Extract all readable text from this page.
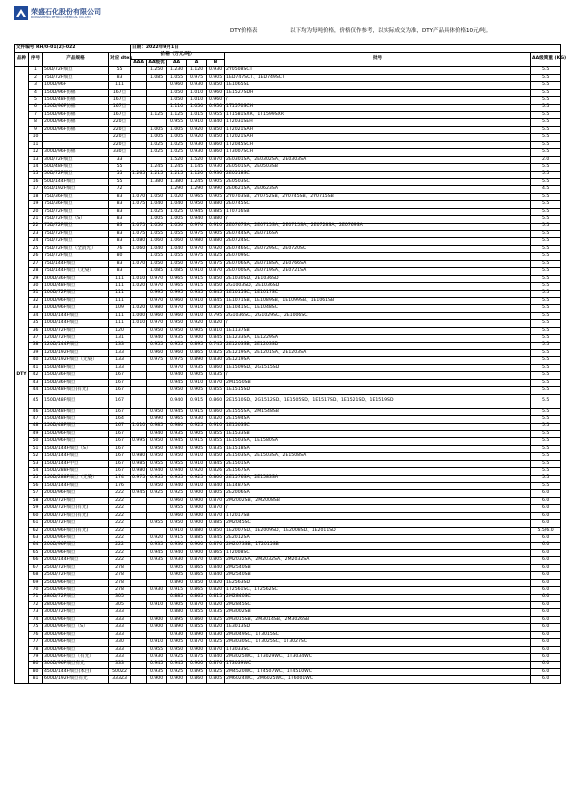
荣盛石化股份有限公司
RONGSHENG PETRO CHEMICAL CO.,LTD
DTY价格表	以下均为每吨价格，价格仅作参考，以实际成交为准，DTY产品具体价格10元/吨。
文件编号 RH/0-01(2)-022				日期：2022年9月1日						
品种	序号	产品规格	对应 dtex	价格（万元/吨）					批号	AA级筒重 (KG)
				AAA	AA级优	AA	A	B		
DTY	1	50D/72F细旦	55		1.250	1.230	1.120	0.930	2Y0508SCT	5.5
	2	75D/72F细旦	83		1.085	1.055	0.975	0.905	1ED747SCT、1ED749SCT	5.5
	3	100D/96F	111			0.960	0.930	0.850	1E1065SL	5.5
	4	150D/96F仿棉	167旦			1.050	1.010	0.960	1E1527SDH	5.5
	5	150D/48F仿棉	167旦			1.050	1.010	0.960	/	5.5
	6	150D/96F仿棉	167旦			1.110	1.050	0.950	1T1570SCH	5.5
	7	150D/96F仿棉	167旦		1.125	1.125	1.015	0.955	1T1581SXR、1T1599SXR	5.5
	8	200D/96F仿棉	220旦			0.955	0.910	0.840	1T2031SEH	5.5
	9	200D/96F仿棉	220旦		1.005	1.005	0.920	0.850	1T2021SAH	5.5
	10		220旦		1.005	1.005	0.920	0.850	1T2021SAH	5.5
	11		220旦		1.025	1.025	0.930	0.860	1T2045SCH	5.5
	12	300D/96F仿棉	330旦		1.025	1.025	0.930	0.860	1T3007SCH	5.5
	13	30D/72F细旦	33			1.520	1.520	0.870	2E0301SA、2E0302SA、2E0303SA	2.0
	14	50D/48F细旦	55		1.245	1.245	1.145	0.930	2E0501SA、2E0503SB	5.5
	15	50D/72F细旦	55	1.265	1.215	1.215	1.120	0.930	2E0518SC	5.5
	16	50D/144F细旦	55		1.380	1.380	1.245	0.905	2E0503SC	5.5
	17	65D/192F细旦	72			1.290	1.290	0.990	2E0621SA、2E0623SA	4.5
	18	75D/36F细旦	83	1.070	1.050	1.020	0.965	0.905	2Y0703SB、2Y0752SB、2Y0745SB、2Y0715SB	5.5
	19	75D/36F细旦	83	1.075	1.040	1.040	0.950	0.880	2E0745SC	5.5
	20	75D/72F细旦	83		1.025	1.025	0.945	0.885	1T0716SB	5.5
	21	75D/72F细旦（S）	83		1.005	1.005	0.940	0.880	/	5.5
	22	75D/72F细旦	83	1.075	1.050	1.050	0.970	0.910	2E0767SA、2E0715SA、2E0715SA、2E0728SA、2E0769SA	5.5
	23	75D/72F细旦	83	1.075	1.055	1.055	0.975	0.905	2E0744SA、2E0716SA	5.5
	24	75D/72F细旦	83	1.080	1.060	1.060	0.980	0.880	2E0724SC	5.5
	25	75D/72F细旦（全消光）	76	1.060	1.040	1.040	0.970	0.920	2E0746SC、2E0729SC、2E0720SC	5.5
	26	75D/72F细旦	80		1.055	1.055	0.975	0.825	2E0709SC	5.5
	27	75D/144F细旦	83	1.070	1.050	1.050	0.975	0.875	2E0706SA、2E0718SA、2E0766SA	5.5
	28	75D/144F细旦（无染）	83		1.085	1.085	0.910	0.870	2E0700SA、2E0719SA、2E0721SA	5.5
	29	100D/36F细旦	111	1.010	0.970	0.965	0.915	0.850	2E1030SD、2E1036SD	5.5
	30	100D/48F细旦	111	1.020	0.970	0.965	0.915	0.850	2G1003SD、2E1036SD	5.5
	31	100D/72F细旦	111		0.995	0.995	0.935	0.845	1E1015SC、1E1017SC	5.5
	32	100D/96F细旦	111		0.970	0.960	0.910	0.845	1E1071SB、1E1089SB、1E1099SB、1E1061SB	5.5
	33	100D/96F细旦	109	1.020	0.980	0.970	0.910	0.850	1E1041SC、1E1048SC	5.5
	34	100D/144F细旦	111	1.000	0.960	0.960	0.910	0.795	2G1036SC、2G1029SC、2E1006SC	5.5
	35	100D/144F细旦	111	1.010	0.970	0.950	0.920	0.820	/	5.5
	36	100D/72F细旦	120		0.950	0.950	0.905	0.810	1E1137SB	5.5
	37	120D/72F细旦	131		0.940	0.935	0.900	0.845	1E1233SA、1E1229SA	5.5
	38	120D/144F细旦	133		0.955	0.955	0.895	0.745	2E1203SB、2E1203SD	5.5
	39	120D/192F细旦	133		0.960	0.960	0.865	0.825	2E1219SA、2E1201SA、2E1203SA	5.5
	40	120D/192F细旦（无染）	133		0.975	0.975	0.890	0.830	2E1219SA	5.5
	41	150D/48F细旦	133			0.970	0.935	0.860	1E1509SD、2G1515SD	5.5
	42	150D/36F细旦	167			0.940	0.905	0.835	/	5.5
	43	150D/36F细旦	167			0.945	0.910	0.870	2M1550SB	5.5
	44	150D/48F细旦(有光)	167			0.950	0.905	0.855	1E1515SD	5.5
	45	150D/48F细旦	167			0.940	0.915	0.860	2E1510SD、2G1512SD、1E1505SD、1E1517SD、1E1521SD、1E1519SD	5.5
	46	150D/48F细旦	167		0.950	0.945	0.915	0.860	2E1555SA、2M1548SB	5.5
	47	150D/48F细旦	164		0.990	0.965	0.930	0.820	2E1594SA	5.5
	48	150D/48F细旦	167	1.010	0.985	0.980	0.925	0.910	1E1503SC	5.5
	49	150D/96F细旦	167		0.940	0.935	0.905	0.855	1E1533SB	5.5
	50	150D/96F细旦	167	0.995	0.950	0.945	0.915	0.855	1E1503SA、1E1580SA	5.5
	51	150D/144F细旦（S）	167		0.950	0.940	0.905	0.835	1E1518SA	5.5
	52	150D/144F细旦	167	0.980	0.950	0.950	0.910	0.850	2E1503SA、2E1503SA、2E1508SA	5.5
	53	150D/144F中旦	167	0.985	0.955	0.955	0.910	0.845	2E1501SA	5.5
	54	150D/288F细旦	167	0.980	0.940	0.940	0.920	0.826	2E1567SA	5.5
	55	150D/288F细旦（无染）	174	0.975	0.955	0.955	0.925	0.800	2E1576SA、2E1583SA	5.5
	56	150D/144F细旦	176		0.950	0.940	0.910	0.840	1E1487SA	5.5
	57	200D/96F细旦	222	0.945	0.925	0.925	0.900	0.805	2E2006SA	6.0
	58	200D/72F细旦	222			0.960	0.900	0.870	2M2002SB、2M2008SB	6.0
	59	200D/72F细旦(有光)	222			0.955	0.900	0.870	/	6.0
	60	200D/72F细旦(有光)	222			0.960	0.900	0.870	1T2017SB	6.0
	61	200D/72F细旦	222		0.955	0.950	0.900	0.885	2M2045SC	6.0
	62	200D/96F细旦(有光)	222			0.910	0.880	0.850	1E2007SD、1E2009SD、1E2008SD、1E2011SD	5.5/6.0
	63	200D/96F细旦	222		0.920	0.915	0.885	0.845	2E2012SA	6.0
	64	200D/96F细旦	222		0.935	0.930	0.900	0.870	2M2073SB、1T2015SB	6.0
	65	200D/96F细旦	222		0.945	0.940	0.900	0.865	1T2008SC	6.0
	66	200D/144F细旦	222		0.935	0.930	0.870	0.805	2M2032SA、2M2032SA、2M2032SA	6.0
	67	250D/72F细旦	278			0.905	0.865	0.840	2M2540SB	6.0
	68	250D/72F细旦	278			0.905	0.865	0.840	2M2540SB	6.0
	69	250D/96F细旦	278			0.890	0.850	0.820	1E2563SD	6.0
	70	250D/96F细旦	278		0.930	0.915	0.865	0.820	1T2561SC、1T2562SC	6.0
	71	280D/72F细旦	305			0.885	0.865	0.815	2M2840SC	6.0
	72	280D/96F细旦	305		0.910	0.905	0.870	0.820	2M2845SC	6.0
	73	300D/72F细旦	333			0.880	0.855	0.835	2M3002SB	6.0
	74	300D/96F细旦	333		0.900	0.895	0.860	0.825	2M3015SB、2M3014SB、2M3026SB	6.0
	75	300D/96F细旦（S）	333		0.900	0.890	0.855	0.820	1E3013SD	6.0
	76	300D/96F细旦	333			0.930	0.890	0.830	2M3049SC、1T3015SC	6.0
	77	300D/96F细旦	330		0.910	0.905	0.870	0.825	2M3030SC、1T3025SC、1T3027SC	6.0
	78	300D/96F细旦	333		0.955	0.950	0.900	0.870	1T3033SC	6.0
	79	300D/96F细旦（有光）	333		0.930	0.925	0.875	0.840	2M3025WC、1T3029WC、1T3034WC	6.0
	80	300D/96F细旦有光	333		0.945	0.945	0.900	0.870	1T3039WC	6.0
	80	450D/144F细旦(本白)	500Z2		0.935	0.925	0.895	0.825	2M4520WC、1T4507WC、1T4510WC	6.0
	81	600D/192F细旦有光	333Z3		0.900	0.900	0.860	0.805	2M6024WC、2M6025WC、1T6001WC	6.0
